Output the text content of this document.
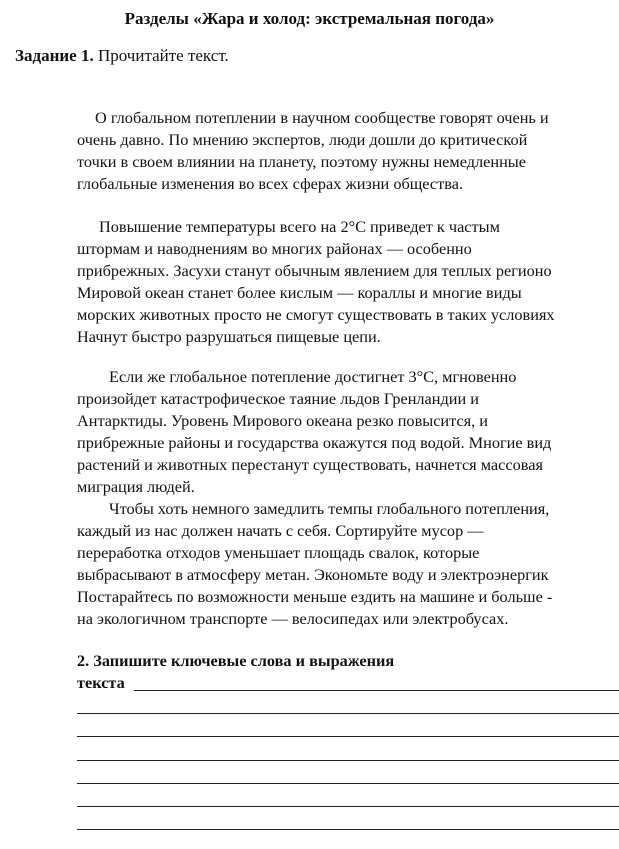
Разделы «Жара и холод: экстремальная погода»
Задание 1. Прочитайте текст.
О глобальном потеплении в научном сообществе говорят очень и
очень давно. По мнению экспертов, люди дошли до критической
точки в своем влиянии на планету, поэтому нужны немедленные
глобальные изменения во всех сферах жизни общества.
Повышение температуры всего на 2°С приведет к частым
штормам и наводнениям во многих районах — особенно
прибрежных. Засухи станут обычным явлением для теплых регионо
Мировой океан станет более кислым — кораллы и многие виды
морских животных просто не смогут существовать в таких условиях
Начнут быстро разрушаться пищевые цепи.
Если же глобальное потепление достигнет 3°С, мгновенно
произойдет катастрофическое таяние льдов Гренландии и
Антарктиды. Уровень Мирового океана резко повысится, и
прибрежные районы и государства окажутся под водой. Многие вид
растений и животных перестанут существовать, начнется массовая
миграция людей.
Чтобы хоть немного замедлить темпы глобального потепления,
каждый из нас должен начать с себя. Сортируйте мусор —
переработка отходов уменьшает площадь свалок, которые
выбрасывают в атмосферу метан. Экономьте воду и электроэнергик
Постарайтесь по возможности меньше ездить на машине и больше -
на экологичном транспорте — велосипедах или электробусах.
2. Запишите ключевые слова и выражения
текста
